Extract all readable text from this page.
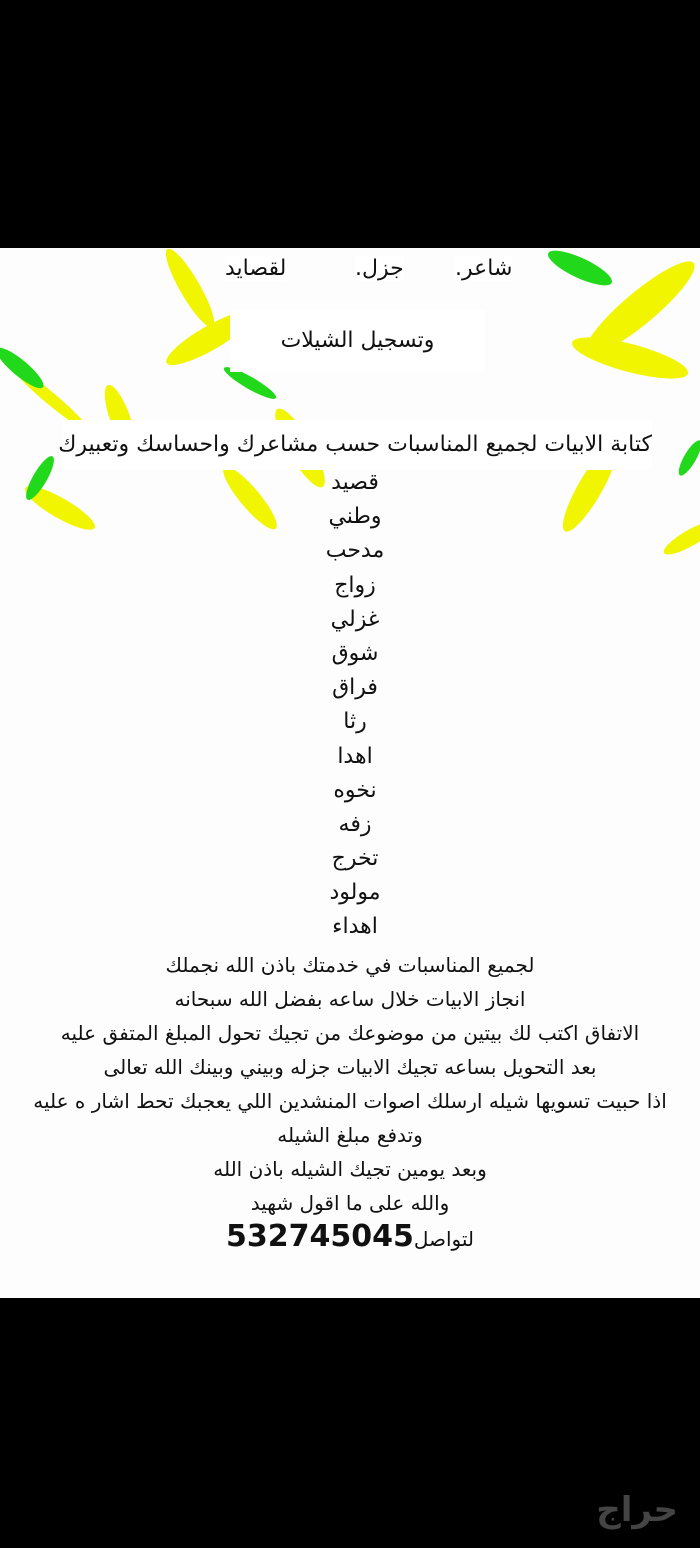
شاعر.
جزل.
لقصايد
وتسجيل الشيلات
كتابة الابيات لجميع المناسبات حسب مشاعرك واحساسك وتعبيرك
قصيد
وطني
مدحب
زواج
غزلي
شوق
فراق
رثا
اهدا
نخوه
زفه
تخرج
مولود
اهداء
لجميع المناسبات في خدمتك باذن الله نجملك
انجاز الابيات خلال ساعه بفضل الله سبحانه
الاتفاق اكتب لك بيتين من موضوعك من تجيك تحول المبلغ المتفق عليه
بعد التحويل بساعه تجيك الابيات جزله وبيني وبينك الله تعالى
اذا حبيت تسويها شيله ارسلك اصوات المنشدين اللي يعجبك تحط اشار ه عليه
وتدفع مبلغ الشيله
وبعد يومين تجيك الشيله باذن الله
والله على ما اقول شهيد
لتواصل532745045
حراج
